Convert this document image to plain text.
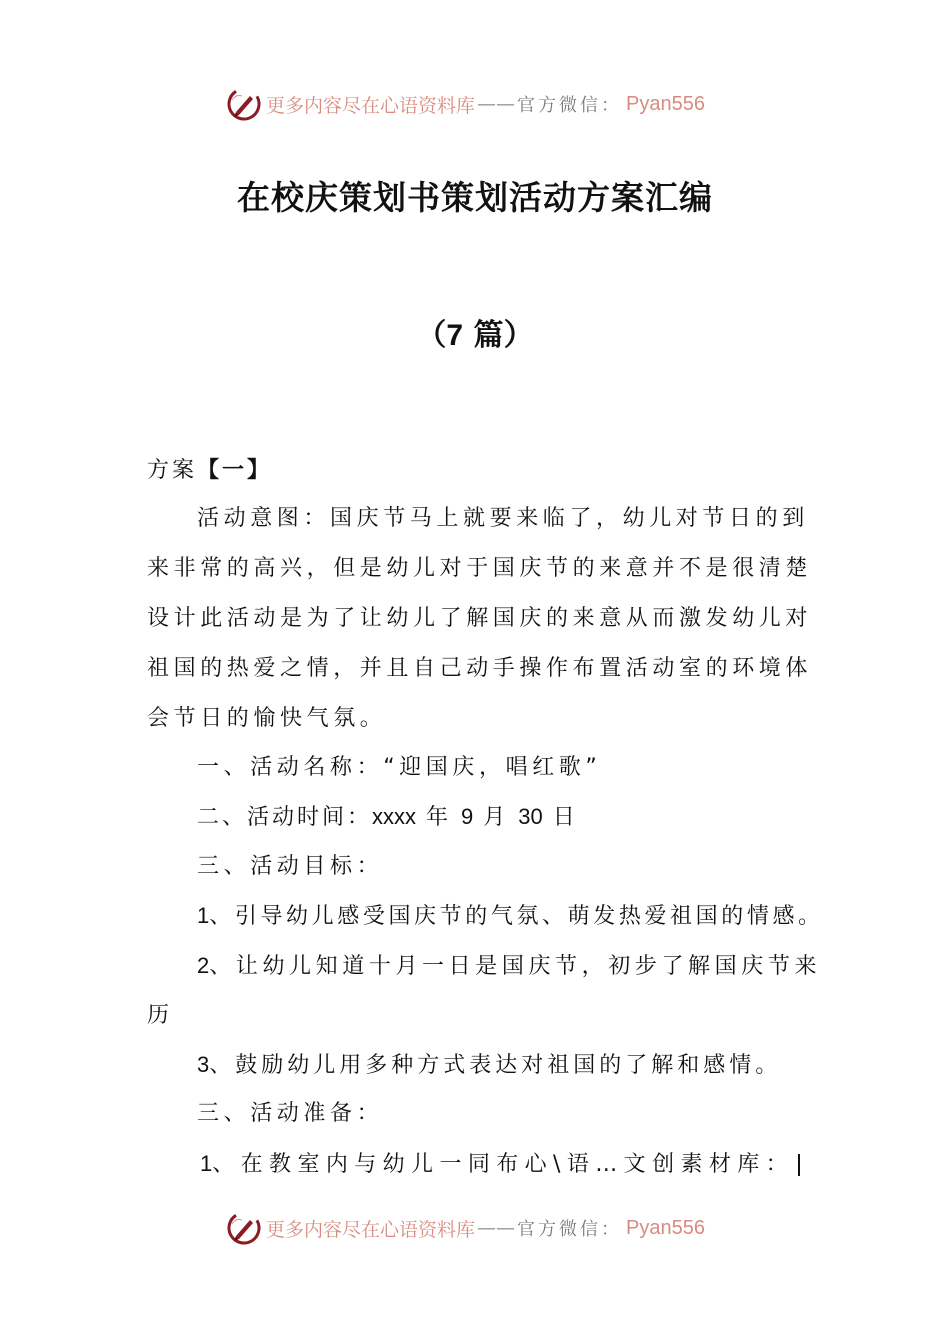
更多内容尽在心语资料库 —— 官方微信： Pyan556
在校庆策划书策划活动方案汇编
（7 篇）
方案【一】
活动意图：国庆节马上就要来临了，幼儿对节日的到
来非常的高兴，但是幼儿对于国庆节的来意并不是很清楚
设计此活动是为了让幼儿了解国庆的来意从而激发幼儿对
祖国的热爱之情，并且自己动手操作布置活动室的环境体
会节日的愉快气氛。
一、活动名称：“迎国庆，唱红歌”
二、活动时间：xxxx 年 9 月 30 日
三、活动目标：
1、引导幼儿感受国庆节的气氛、萌发热爱祖国的情感。
2、让幼儿知道十月一日是国庆节，初步了解国庆节来
历
3、鼓励幼儿用多种方式表达对祖国的了解和感情。
三、活动准备：
1、在教室内与幼儿一同布心\语…文创素材库：
更多内容尽在心语资料库 —— 官方微信： Pyan556
